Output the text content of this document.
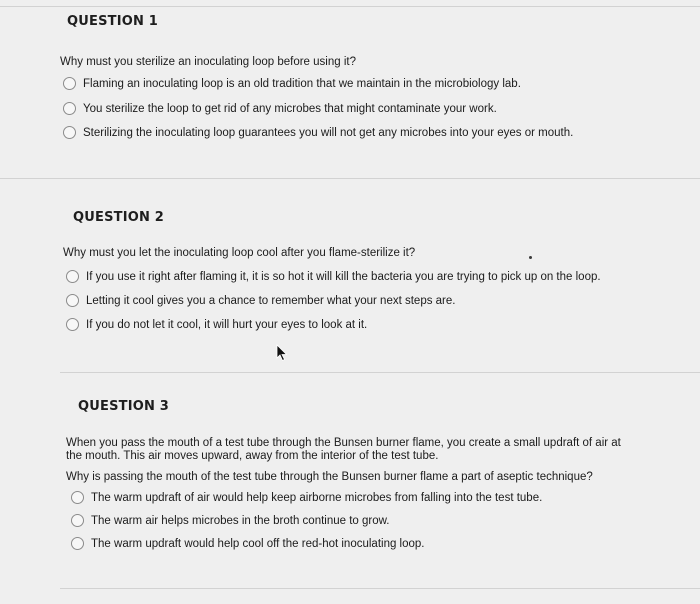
QUESTION 1
Why must you sterilize an inoculating loop before using it?
Flaming an inoculating loop is an old tradition that we maintain in the microbiology lab.
You sterilize the loop to get rid of any microbes that might contaminate your work.
Sterilizing the inoculating loop guarantees you will not get any microbes into your eyes or mouth.
QUESTION 2
Why must you let the inoculating loop cool after you flame-sterilize it?
If you use it right after flaming it, it is so hot it will kill the bacteria you are trying to pick up on the loop.
Letting it cool gives you a chance to remember what your next steps are.
If you do not let it cool, it will hurt your eyes to look at it.
QUESTION 3
When you pass the mouth of a test tube through the Bunsen burner flame, you create a small updraft of air at
the mouth. This air moves upward, away from the interior of the test tube.
Why is passing the mouth of the test tube through the Bunsen burner flame a part of aseptic technique?
The warm updraft of air would help keep airborne microbes from falling into the test tube.
The warm air helps microbes in the broth continue to grow.
The warm updraft would help cool off the red-hot inoculating loop.
